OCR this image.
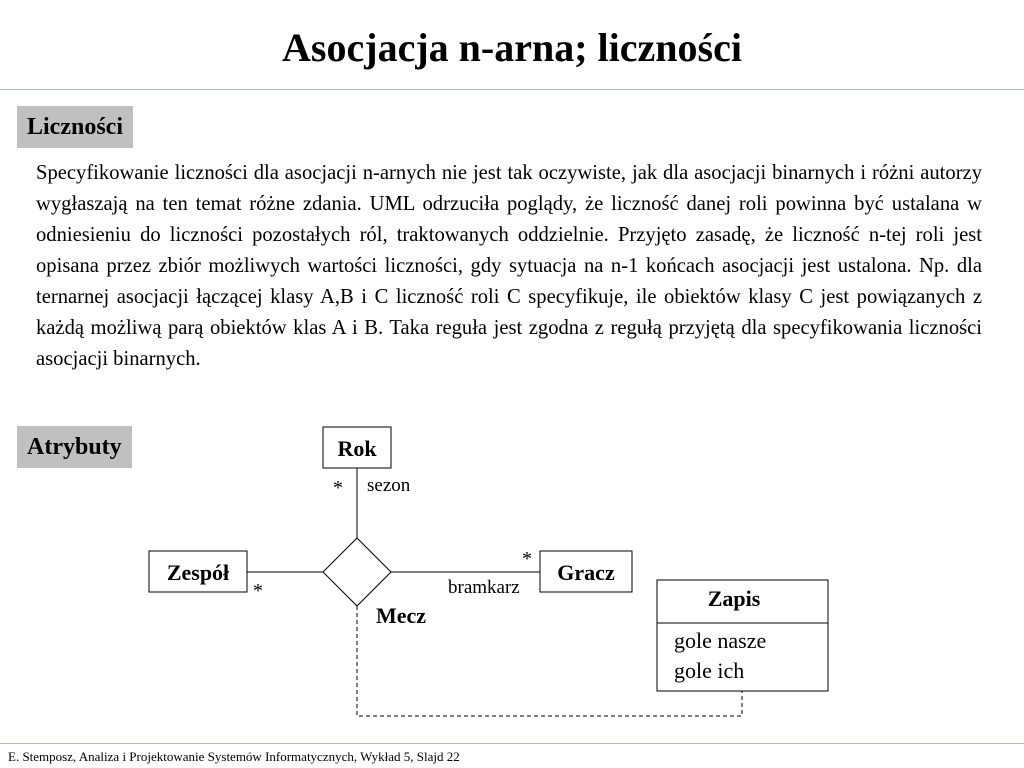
Asocjacja n-arna; liczności
Liczności
Specyfikowanie liczności dla asocjacji n-arnych nie jest tak oczywiste, jak dla asocjacji binarnych i różni autorzy wygłaszają na ten temat różne zdania. UML odrzuciła poglądy, że liczność danej roli powinna być ustalana w odniesieniu do liczności pozostałych ról, traktowanych oddzielnie. Przyjęto zasadę, że liczność n-tej roli jest opisana przez zbiór możliwych wartości liczności, gdy sytuacja na n-1 końcach asocjacji jest ustalona. Np. dla ternarnej asocjacji łączącej klasy A,B i C liczność roli C specyfikuje, ile obiektów klasy C jest powiązanych z każdą możliwą parą obiektów klas A i B. Taka reguła jest zgodna z regułą przyjętą dla specyfikowania liczności asocjacji binarnych.
Atrybuty	Rok
Zespół	Gracz
Zapis
gole nasze
gole ich
*
*
*
sezon
bramkarz
Mecz
E. Stemposz, Analiza i Projektowanie Systemów Informatycznych, Wykład 5, Slajd 22
